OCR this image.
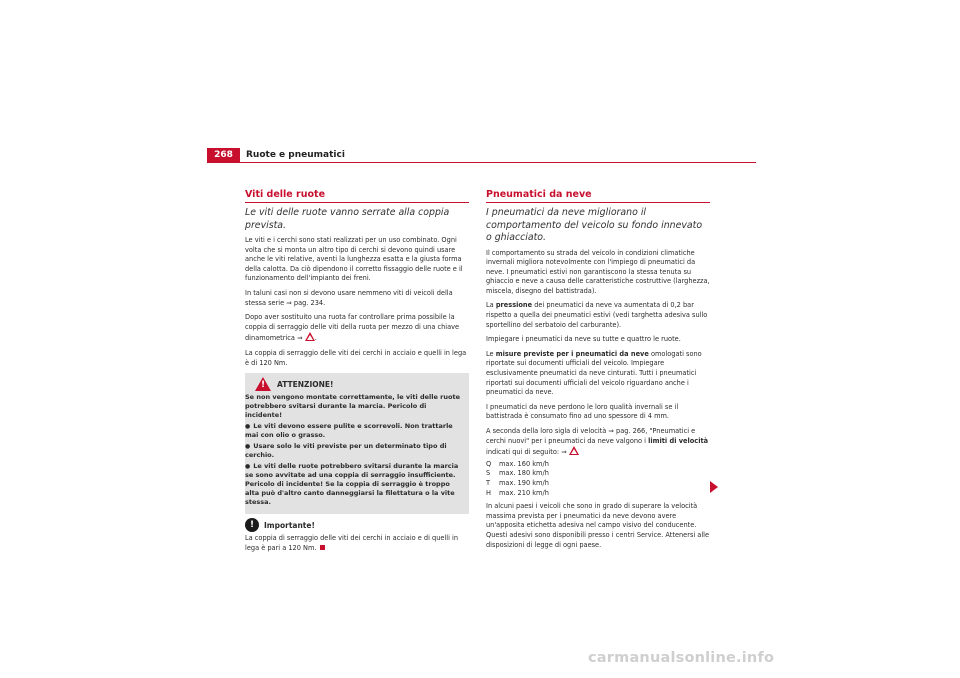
268	Ruote e pneumatici
Viti delle ruote
Le viti delle ruote vanno serrate alla coppia prevista.

Le viti e i cerchi sono stati realizzati per un uso combinato. Ogni volta che si monta un altro tipo di cerchi si devono quindi usare anche le viti relative, aventi la lunghezza esatta e la giusta forma della calotta. Da ciò dipendono il corretto fissaggio delle ruote e il funzionamento dell'impianto dei freni.

In taluni casi non si devono usare nemmeno viti di veicoli della stessa serie ⇒ pag. 234.

Dopo aver sostituito una ruota far controllare prima possibile la coppia di serraggio delle viti della ruota per mezzo di una chiave dinamometrica ⇒ .

La coppia di serraggio delle viti dei cerchi in acciaio e quelli in lega è di 120 Nm.

!
ATTENZIONE!

Se non vengono montate correttamente, le viti delle ruote potrebbero svitarsi durante la marcia. Pericolo di incidente!

● Le viti devono essere pulite e scorrevoli. Non trattarle mai con olio o grasso.

● Usare solo le viti previste per un determinato tipo di cerchio.

● Le viti delle ruote potrebbero svitarsi durante la marcia se sono avvitate ad una coppia di serraggio insufficiente. Pericolo di incidente! Se la coppia di serraggio è troppo alta può d'altro canto danneggiarsi la filettatura o la vite stessa.

!	Importante!

La coppia di serraggio delle viti dei cerchi in acciaio e di quelli in lega è pari a 120 Nm.

Pneumatici da neve
I pneumatici da neve migliorano il comportamento del veicolo su fondo innevato o ghiacciato.

Il comportamento su strada del veicolo in condizioni climatiche invernali migliora notevolmente con l'impiego di pneumatici da neve. I pneumatici estivi non garantiscono la stessa tenuta su ghiaccio e neve a causa delle caratteristiche costruttive (larghezza, miscela, disegno del battistrada).

La pressione dei pneumatici da neve va aumentata di 0,2 bar rispetto a quella dei pneumatici estivi (vedi targhetta adesiva sullo sportellino del serbatoio del carburante).

Impiegare i pneumatici da neve su tutte e quattro le ruote.

Le misure previste per i pneumatici da neve omologati sono riportate sui documenti ufficiali del veicolo. Impiegare esclusivamente pneumatici da neve cinturati. Tutti i pneumatici riportati sui documenti ufficiali del veicolo riguardano anche i pneumatici da neve.

I pneumatici da neve perdono le loro qualità invernali se il battistrada è consumato fino ad uno spessore di 4 mm.

A seconda della loro sigla di velocità ⇒ pag. 266, "Pneumatici e cerchi nuovi" per i pneumatici da neve valgono i limiti di velocità indicati qui di seguito: ⇒

Q	max. 160 km/h
S	max. 180 km/h
T	max. 190 km/h
H	max. 210 km/h

In alcuni paesi i veicoli che sono in grado di superare la velocità massima prevista per i pneumatici da neve devono avere un'apposita etichetta adesiva nel campo visivo del conducente. Questi adesivi sono disponibili presso i centri Service. Attenersi alle disposizioni di legge di ogni paese.

carmanualsonline.info
